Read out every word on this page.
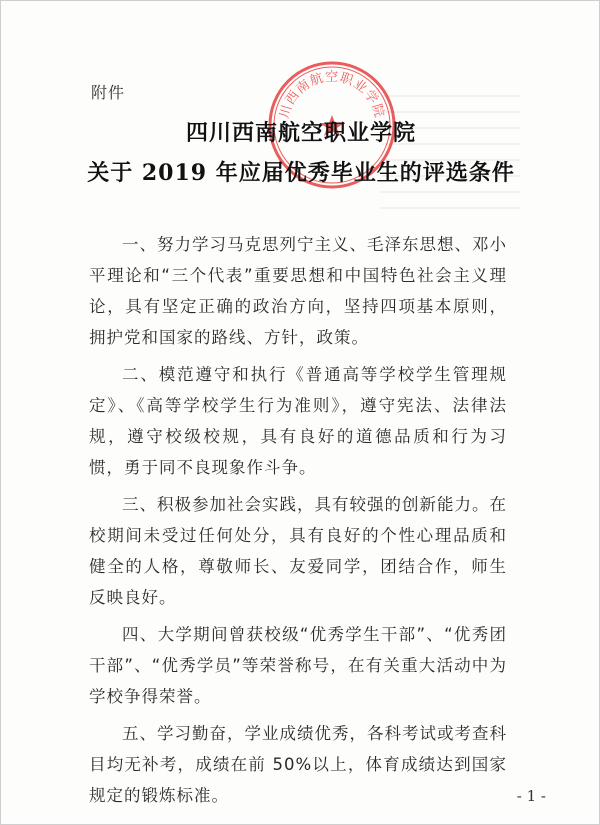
附件
川西南航空职业学院
四川西南航空职业学院
关于 2019 年应届优秀毕业生的评选条件

一、努力学习马克思列宁主义、毛泽东思想、邓小平理论和“三个代表”重要思想和中国特色社会主义理论，具有坚定正确的政治方向，坚持四项基本原则，拥护党和国家的路线、方针，政策。

二、模范遵守和执行《普通高等学校学生管理规定》、《高等学校学生行为准则》，遵守宪法、法律法规，遵守校级校规，具有良好的道德品质和行为习惯，勇于同不良现象作斗争。

三、积极参加社会实践，具有较强的创新能力。在校期间未受过任何处分，具有良好的个性心理品质和健全的人格，尊敬师长、友爱同学，团结合作，师生反映良好。

四、大学期间曾获校级“优秀学生干部”、“优秀团干部”、“优秀学员”等荣誉称号，在有关重大活动中为学校争得荣誉。

五、学习勤奋，学业成绩优秀，各科考试或考查科目均无补考，成绩在前 50%以上，体育成绩达到国家规定的锻炼标准。	- 1 -
